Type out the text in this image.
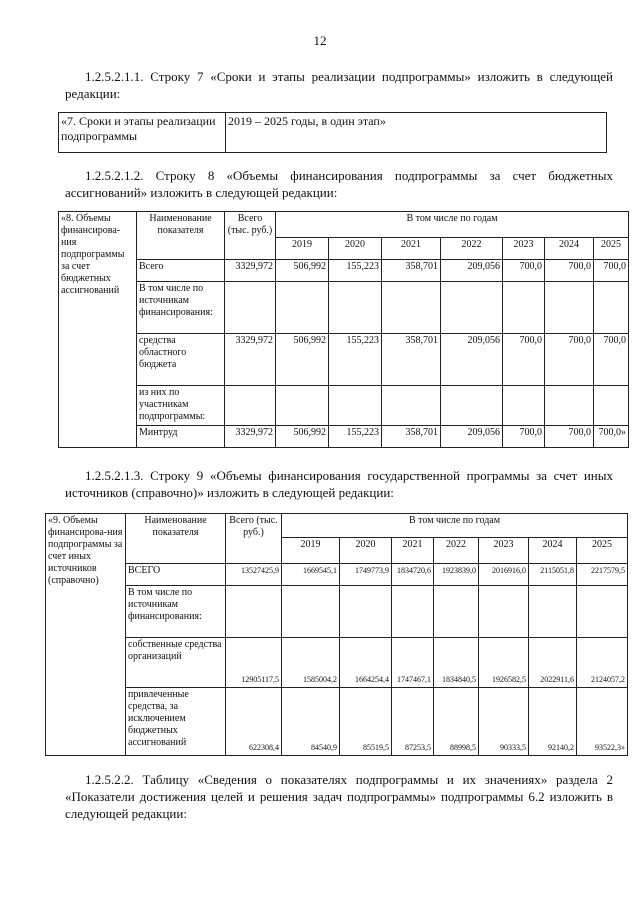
12

1.2.5.2.1.1. Строку 7 «Сроки и этапы реализации подпрограммы» изложить в следующей редакции:

«7. Сроки и этапы реализации подпрограммы	2019 – 2025 годы, в один этап»

1.2.5.2.1.2. Строку 8 «Объемы финансирования подпрограммы за счет бюджетных ассигнований» изложить в следующей редакции:

«8. Объемы финансирова-ния подпрограммы за счет бюджетных ассигнований	Наименование показателя	Всего (тыс. руб.)	В том числе по годам						
			2019	2020	2021	2022	2023	2024	2025
	Всего	3329,972	506,992	155,223	358,701	209,056	700,0	700,0	700,0
	В том числе по источникам финансирования:								
	средства областного бюджета	3329,972	506,992	155,223	358,701	209,056	700,0	700,0	700,0
	из них по участникам подпрограммы:								
	Минтруд	3329,972	506,992	155,223	358,701	209,056	700,0	700,0	700,0»

1.2.5.2.1.3. Строку 9 «Объемы финансирования государственной программы за счет иных источников (справочно)» изложить в следующей редакции:

«9. Объемы финансирова-ния подпрограммы за счет иных источников (справочно)	Наименование показателя	Всего (тыс. руб.)	В том числе по годам						
			2019	2020	2021	2022	2023	2024	2025
	ВСЕГО	13527425,9	1669545,1	1749773,9	1834720,6	1923839,0	2016916,0	2115051,8	2217579,5
	В том числе по источникам финансирования:								
	собственные средства организаций	12905117,5	1585004,2	1664254,4	1747467,1	1834840,5	1926582,5	2022911,6	2124057,2
	привлеченные средства, за исключением бюджетных ассигнований	622308,4	84540,9	85519,5	87253,5	88998,5	90333,5	92140,2	93522,3»

1.2.5.2.2. Таблицу «Сведения о показателях подпрограммы и их значениях» раздела 2 «Показатели достижения целей и решения задач подпрограммы» подпрограммы 6.2 изложить в следующей редакции:
